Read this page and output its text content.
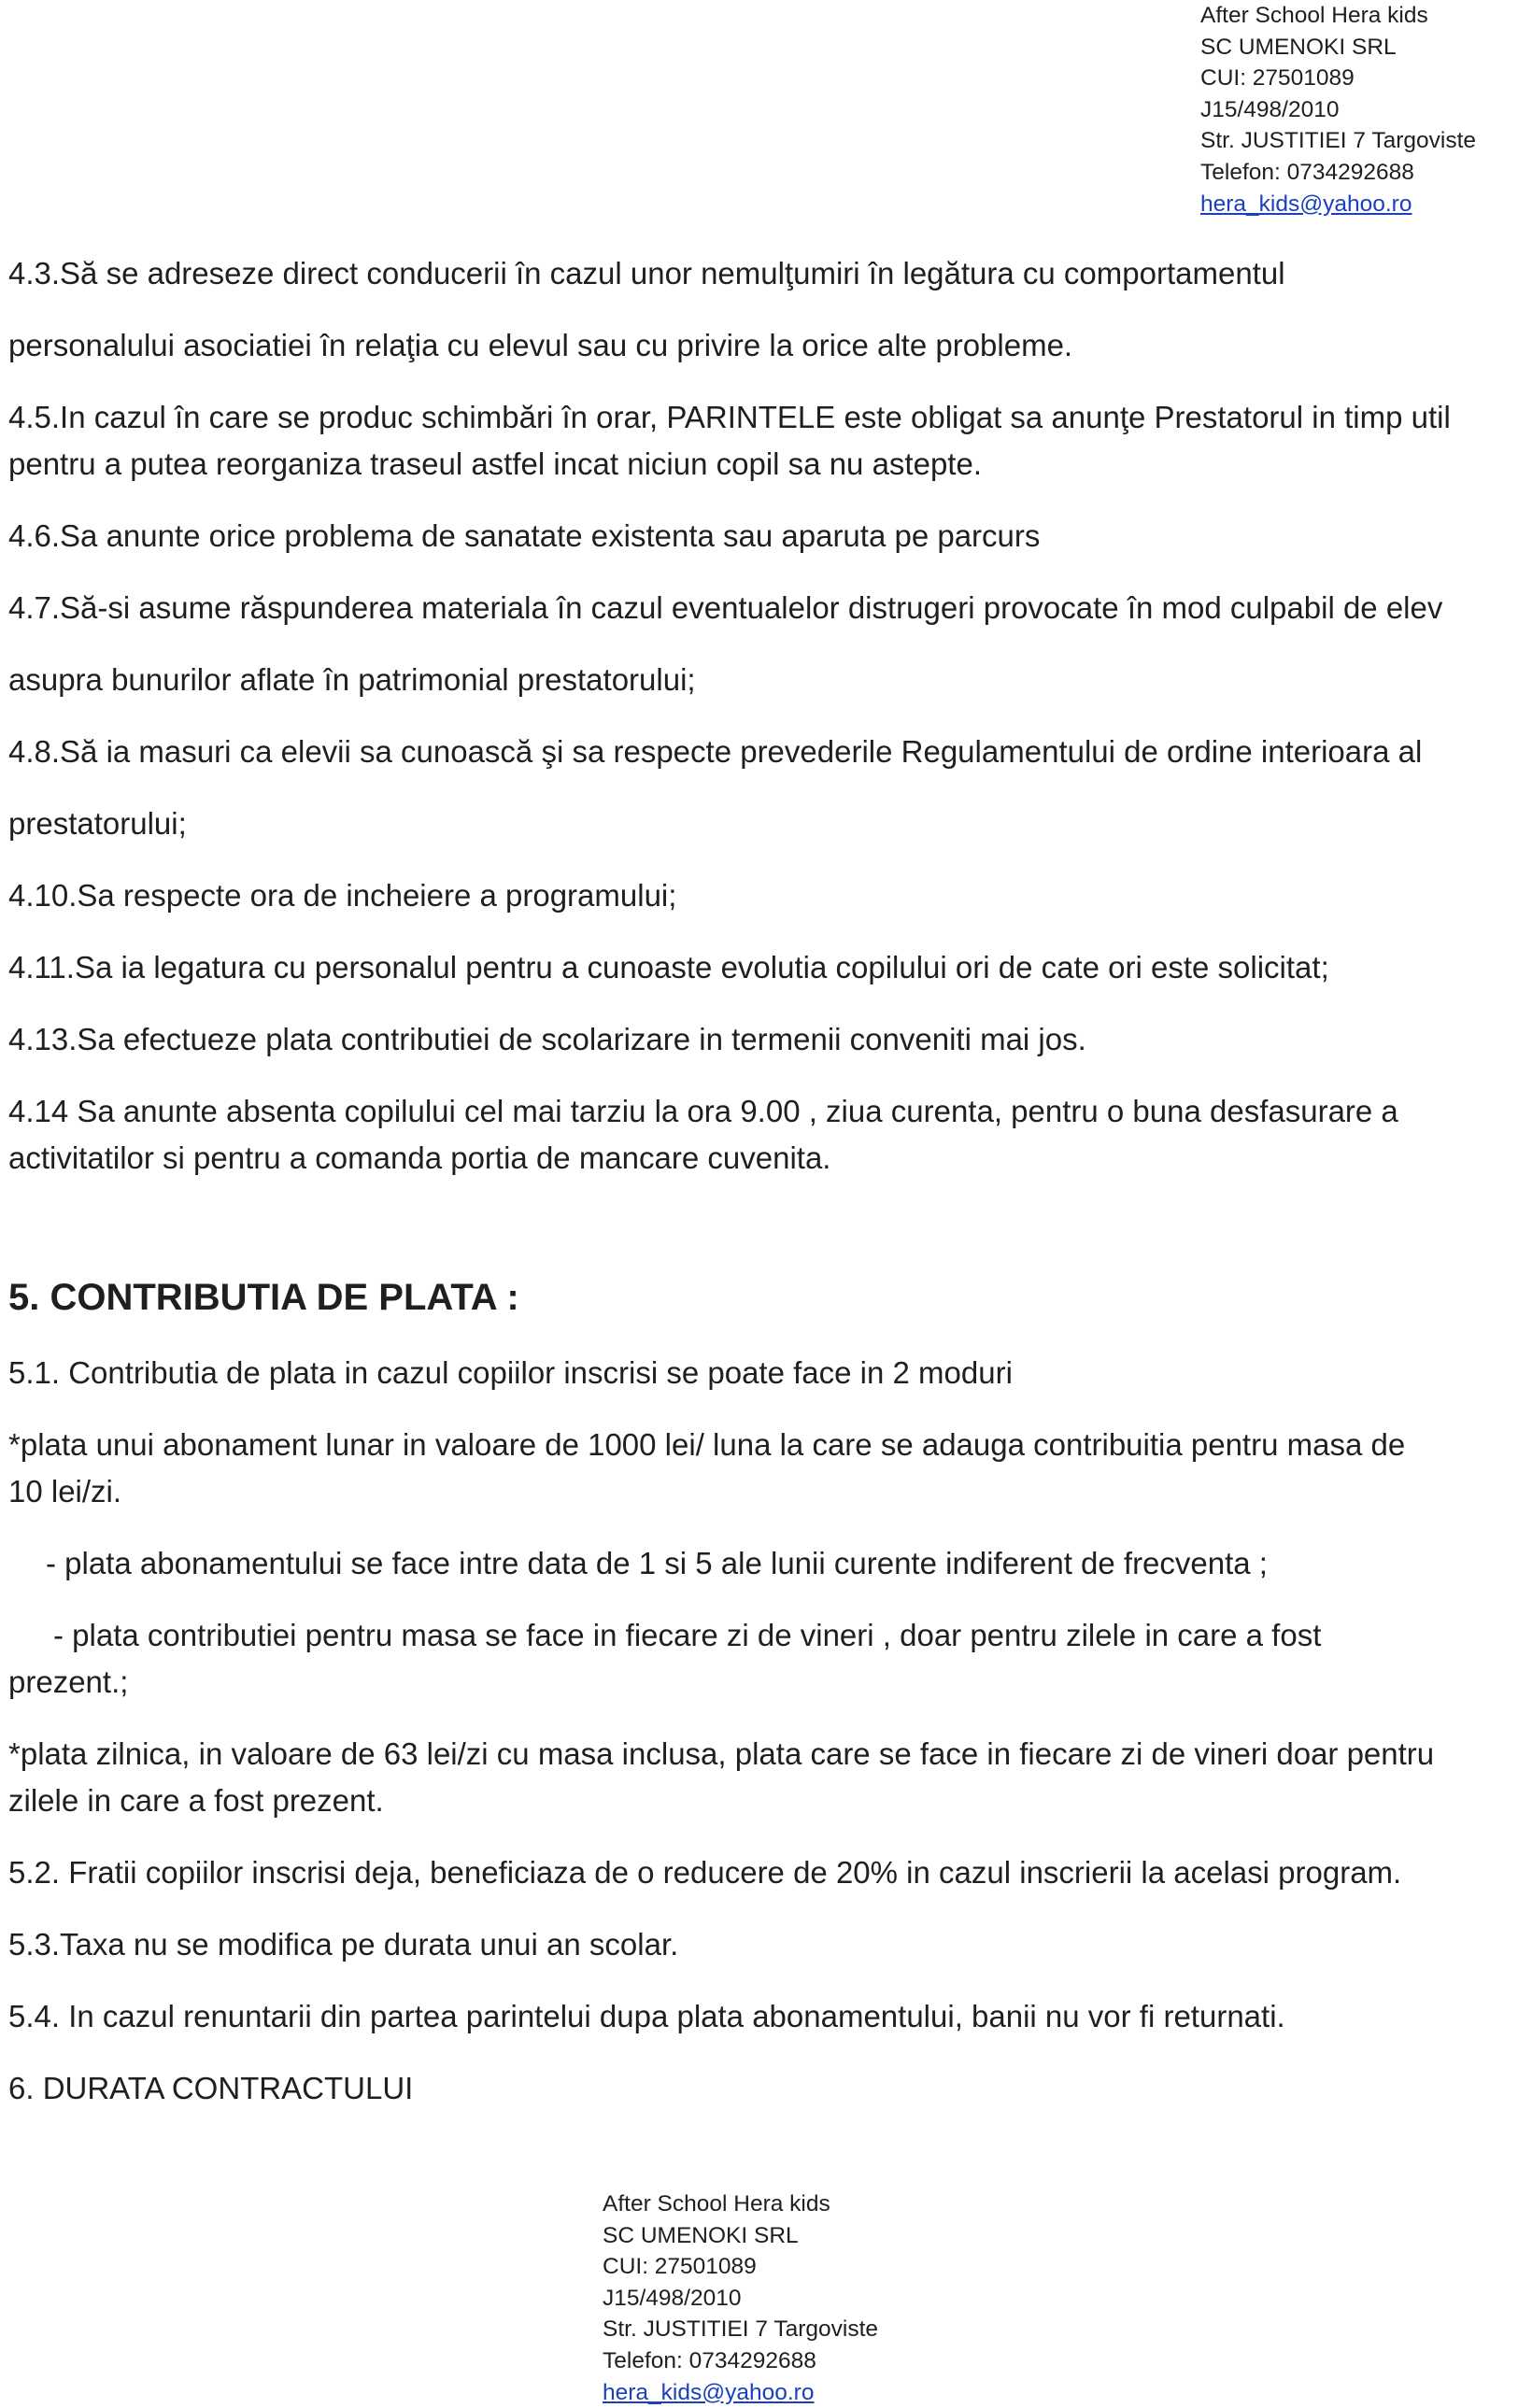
After School Hera kids
SC UMENOKI SRL
CUI: 27501089
J15/498/2010
Str. JUSTITIEI 7 Targoviste
Telefon: 0734292688
hera_kids@yahoo.ro
4.3.Să se adreseze direct conducerii în cazul unor nemulţumiri în legătura cu comportamentul
personalului asociatiei în relaţia cu elevul sau cu privire la orice alte probleme.
4.5.In cazul în care se produc schimbări în orar, PARINTELE este obligat sa anunţe Prestatorul in timp util
pentru a putea reorganiza traseul astfel incat niciun copil sa nu astepte.
4.6.Sa anunte orice problema de sanatate existenta sau aparuta pe parcurs
4.7.Să-si asume răspunderea materiala în cazul eventualelor distrugeri provocate în mod culpabil de elev
asupra bunurilor aflate în patrimonial prestatorului;
4.8.Să ia masuri ca elevii sa cunoască şi sa respecte prevederile Regulamentului de ordine interioara al
prestatorului;
4.10.Sa respecte ora de incheiere a programului;
4.11.Sa ia legatura cu personalul pentru a cunoaste evolutia copilului ori de cate ori este solicitat;
4.13.Sa efectueze plata contributiei de scolarizare in termenii conveniti mai jos.
4.14 Sa anunte absenta copilului cel mai tarziu la ora 9.00 , ziua curenta, pentru o buna desfasurare a
activitatilor si pentru a comanda portia de mancare cuvenita.
5. CONTRIBUTIA DE PLATA :
5.1. Contributia de plata in cazul copiilor inscrisi se poate face in 2 moduri
*plata unui abonament lunar in valoare de 1000 lei/ luna la care se adauga contribuitia pentru masa de
10 lei/zi.
- plata abonamentului se face intre data de 1 si 5 ale lunii curente indiferent de frecventa ;
- plata contributiei pentru masa se face in fiecare zi de vineri , doar pentru zilele in care a fost
prezent.;
*plata zilnica, in valoare de 63 lei/zi cu masa inclusa, plata care se face in fiecare zi de vineri doar pentru
zilele in care a fost prezent.
5.2. Fratii copiilor inscrisi deja, beneficiaza de o reducere de 20% in cazul inscrierii la acelasi program.
5.3.Taxa nu se modifica pe durata unui an scolar.
5.4. In cazul renuntarii din partea parintelui dupa plata abonamentului, banii nu vor fi returnati.
6. DURATA CONTRACTULUI
After School Hera kids
SC UMENOKI SRL
CUI: 27501089
J15/498/2010
Str. JUSTITIEI 7 Targoviste
Telefon: 0734292688
hera_kids@yahoo.ro
